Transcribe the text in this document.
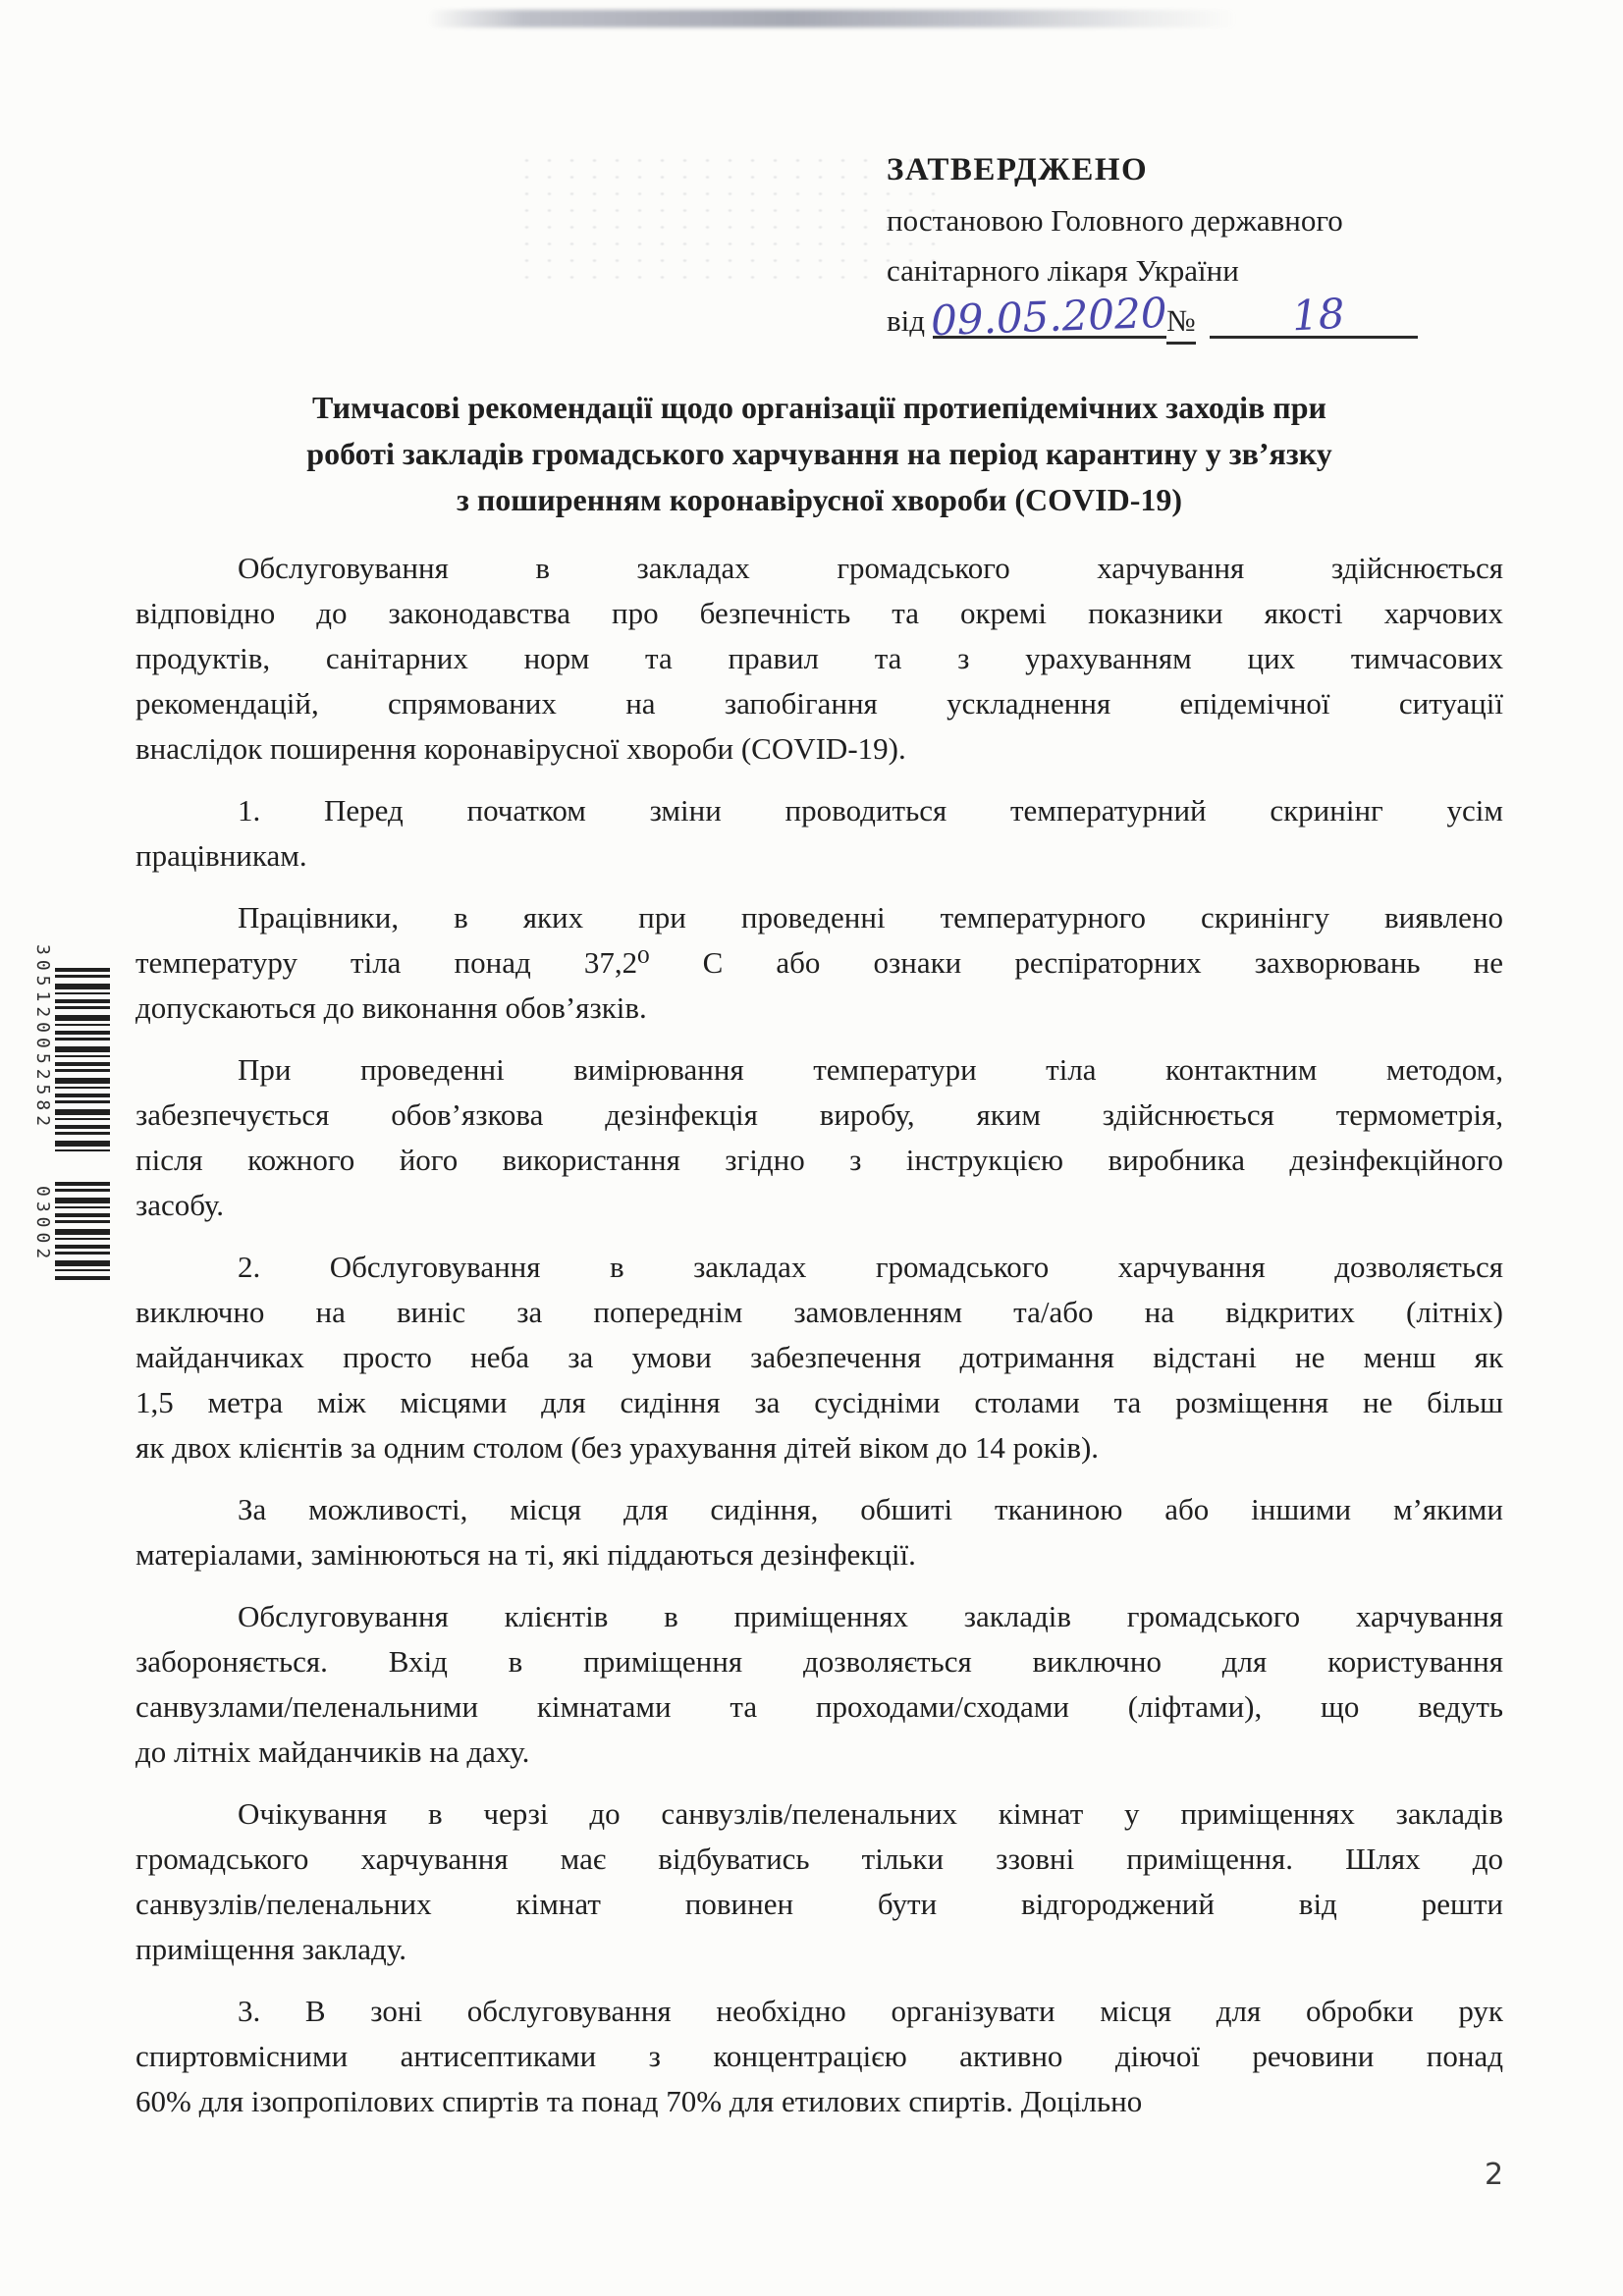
ЗАТВЕРДЖЕНО
постановою Головного державного
санітарного лікаря України
від 09.05.2020
№ 18
Тимчасові рекомендації щодо організації протиепідемічних заходів при
роботі закладів громадського харчування на період карантину у зв’язку
з поширенням коронавірусної хвороби (COVID-19)
Обслуговування в закладах громадського харчування здійснюється
відповідно до законодавства про безпечність та окремі показники якості харчових
продуктів, санітарних норм та правил та з урахуванням цих тимчасових
рекомендацій, спрямованих на запобігання ускладнення епідемічної ситуації
внаслідок поширення коронавірусної хвороби (COVID-19).
1. Перед початком зміни проводиться температурний скринінг усім
працівникам.
Працівники, в яких при проведенні температурного скринінгу виявлено
температуру тіла понад 37,2⁰ С або ознаки респіраторних захворювань не
допускаються до виконання обов’язків.
При проведенні вимірювання температури тіла контактним методом,
забезпечується обов’язкова дезінфекція виробу, яким здійснюється термометрія,
після кожного його використання згідно з інструкцією виробника дезінфекційного
засобу.
2. Обслуговування в закладах громадського харчування дозволяється
виключно на виніс за попереднім замовленням та/або на відкритих (літніх)
майданчиках просто неба за умови забезпечення дотримання відстані не менш як
1,5 метра між місцями для сидіння за сусідніми столами та розміщення не більш
як двох клієнтів за одним столом (без урахування дітей віком до 14 років).
За можливості, місця для сидіння, обшиті тканиною або іншими м’якими
матеріалами, замінюються на ті, які піддаються дезінфекції.
Обслуговування клієнтів в приміщеннях закладів громадського харчування
забороняється. Вхід в приміщення дозволяється виключно для користування
санвузлами/пеленальними кімнатами та проходами/сходами (ліфтами), що ведуть
до літніх майданчиків на даху.
Очікування в черзі до санвузлів/пеленальних кімнат у приміщеннях закладів
громадського харчування має відбуватись тільки ззовні приміщення. Шлях до
санвузлів/пеленальних кімнат повинен бути відгороджений від решти
приміщення закладу.
3. В зоні обслуговування необхідно організувати місця для обробки рук
спиртовмісними антисептиками з концентрацією активно діючої речовини понад
60% для ізопропілових спиртів та понад 70% для етилових спиртів. Доцільно
305120052582
03002
2
